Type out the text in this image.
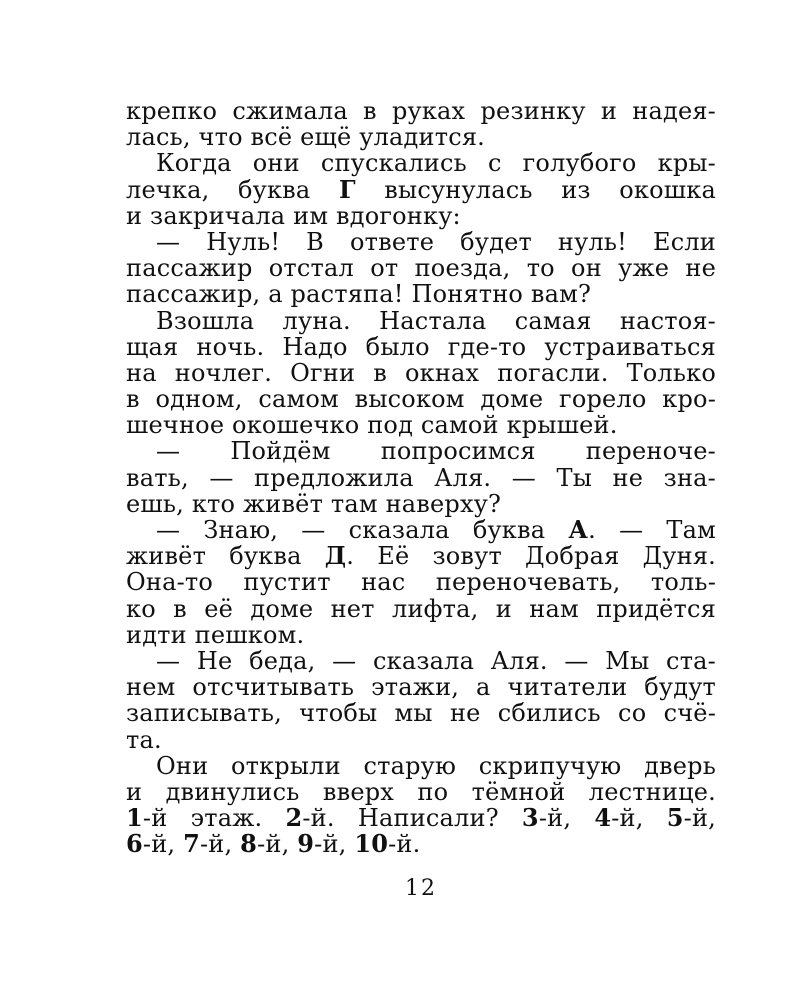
крепко сжимала в руках резинку и надея-
лась, что всё ещё уладится.
Когда они спускались с голубого кры-
лечка, буква Г высунулась из окошка
и закричала им вдогонку:
— Нуль! В ответе будет нуль! Если
пассажир отстал от поезда, то он уже не
пассажир, а растяпа! Понятно вам?
Взошла луна. Настала самая настоя-
щая ночь. Надо было где-то устраиваться
на ночлег. Огни в окнах погасли. Только
в одном, самом высоком доме горело кро-
шечное окошечко под самой крышей.
— Пойдём попросимся переноче-
вать, — предложила Аля. — Ты не зна-
ешь, кто живёт там наверху?
— Знаю, — сказала буква А. — Там
живёт буква Д. Её зовут Добрая Дуня.
Она-то пустит нас переночевать, толь-
ко в её доме нет лифта, и нам придётся
идти пешком.
— Не беда, — сказала Аля. — Мы ста-
нем отсчитывать этажи, а читатели будут
записывать, чтобы мы не сбились со счё-
та.
Они открыли старую скрипучую дверь
и двинулись вверх по тёмной лестнице.
1-й этаж. 2-й. Написали? 3-й, 4-й, 5-й,
6-й, 7-й, 8-й, 9-й, 10-й.
12
